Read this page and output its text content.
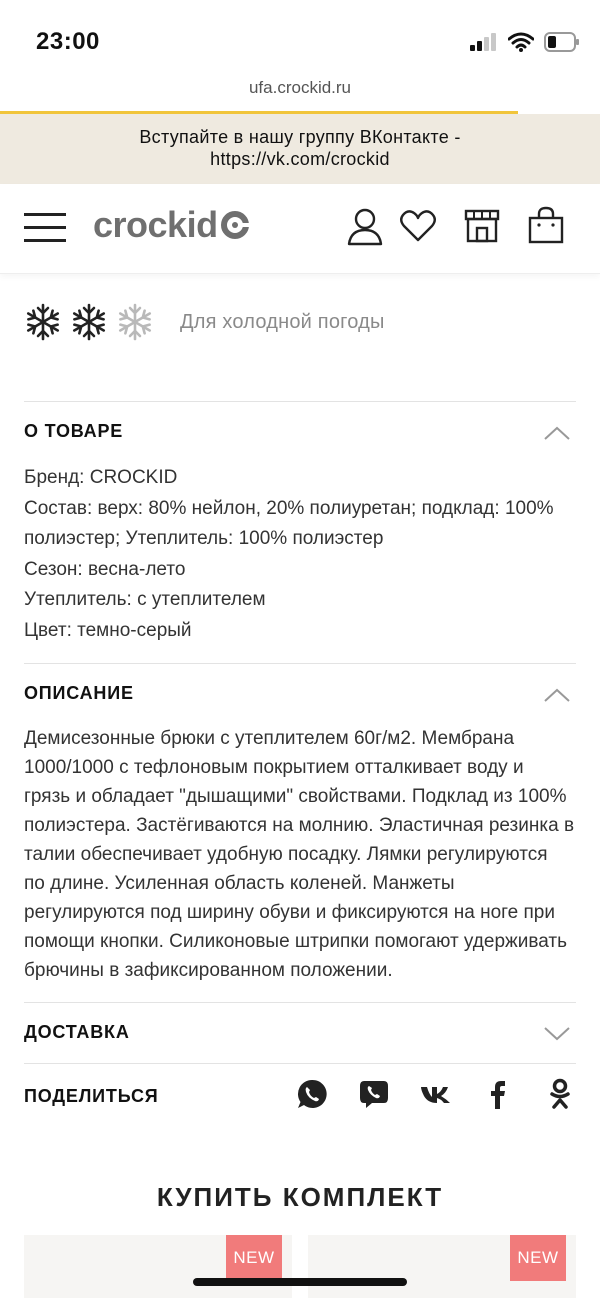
23:00
ufa.crockid.ru
Вступайте в нашу группу ВКонтакте -
https://vk.com/crockid
crockid
Для холодной погоды
О ТОВАРЕ
Бренд: CROCKID
Состав: верх: 80% нейлон, 20% полиуретан; подклад: 100%
полиэстер; Утеплитель: 100% полиэстер
Сезон: весна-лето
Утеплитель: с утеплителем
Цвет: темно-серый
ОПИСАНИЕ
Демисезонные брюки с утеплителем 60г/м2. Мембрана
1000/1000 с тефлоновым покрытием отталкивает воду и
грязь и обладает "дышащими" свойствами. Подклад из 100%
полиэстера. Застёгиваются на молнию. Эластичная резинка в
талии обеспечивает удобную посадку. Лямки регулируются
по длине. Усиленная область коленей. Манжеты
регулируются под ширину обуви и фиксируются на ноге при
помощи кнопки. Силиконовые штрипки помогают удерживать
брючины в зафиксированном положении.
ДОСТАВКА
ПОДЕЛИТЬСЯ
КУПИТЬ КОМПЛЕКТ
NEW	NEW
